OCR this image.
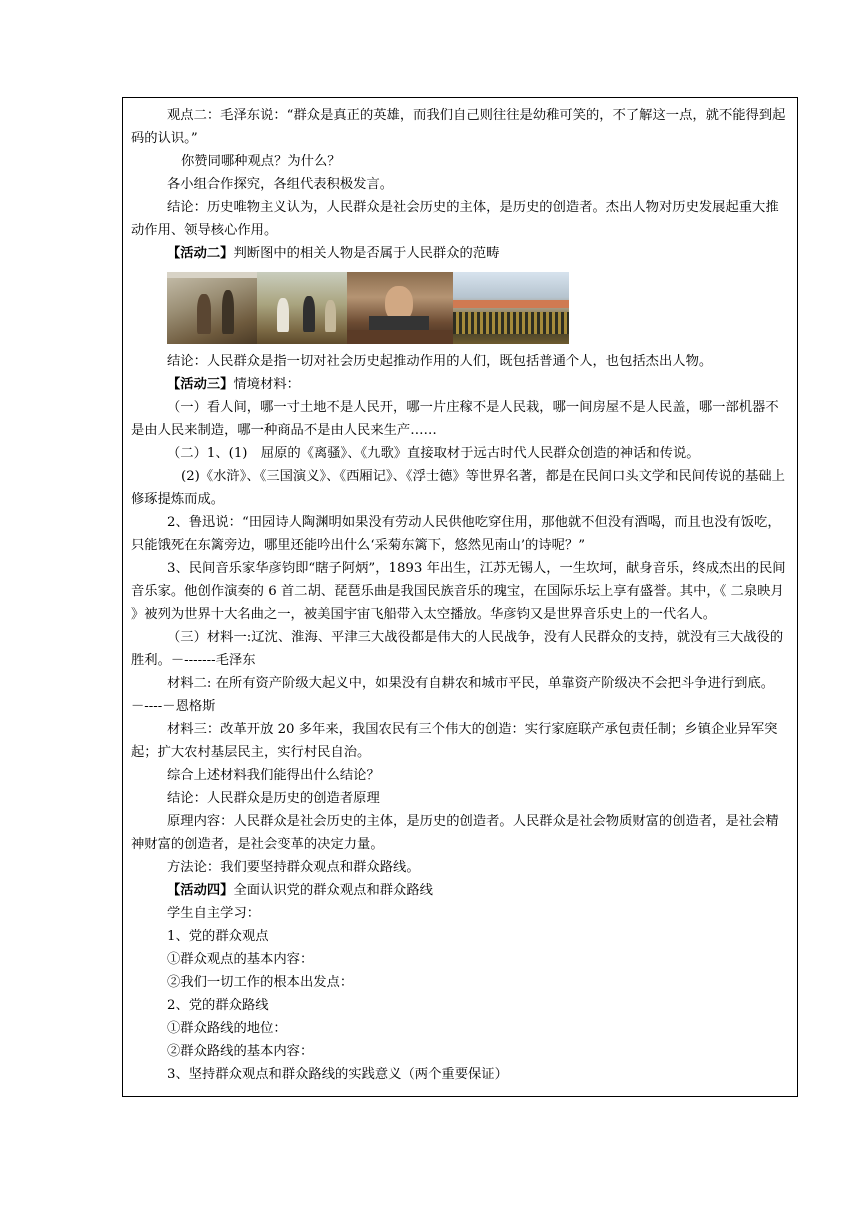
观点二：毛泽东说：“群众是真正的英雄，而我们自己则往往是幼稚可笑的，不了解这一点，就不能得到起码的认识。”

你赞同哪种观点？为什么？

各小组合作探究，各组代表积极发言。

结论：历史唯物主义认为，人民群众是社会历史的主体，是历史的创造者。杰出人物对历史发展起重大推动作用、领导核心作用。

【活动二】判断图中的相关人物是否属于人民群众的范畴

结论：人民群众是指一切对社会历史起推动作用的人们，既包括普通个人，也包括杰出人物。

【活动三】情境材料：

（一）看人间，哪一寸土地不是人民开，哪一片庄稼不是人民栽，哪一间房屋不是人民盖，哪一部机器不是由人民来制造，哪一种商品不是由人民来生产……

（二）1、(1)　屈原的《离骚》、《九歌》直接取材于远古时代人民群众创造的神话和传说。

(2)《水浒》、《三国演义》、《西厢记》、《浮士德》等世界名著，都是在民间口头文学和民间传说的基础上修琢提炼而成。

2、鲁迅说：“田园诗人陶渊明如果没有劳动人民供他吃穿住用，那他就不但没有酒喝，而且也没有饭吃，只能饿死在东篱旁边，哪里还能吟出什么‘采菊东篱下，悠然见南山’的诗呢？”

3、民间音乐家华彦钧即“瞎子阿炳”，1893 年出生，江苏无锡人，一生坎坷，献身音乐，终成杰出的民间音乐家。他创作演奏的 6 首二胡、琵琶乐曲是我国民族音乐的瑰宝，在国际乐坛上享有盛誉。其中，《 二泉映月 》被列为世界十大名曲之一，被美国宇宙飞船带入太空播放。华彦钧又是世界音乐史上的一代名人。

（三）材料一:辽沈、淮海、平津三大战役都是伟大的人民战争，没有人民群众的支持，就没有三大战役的胜利。－-------毛泽东

材料二: 在所有资产阶级大起义中，如果没有自耕农和城市平民，单靠资产阶级决不会把斗争进行到底。－----－恩格斯

材料三：改革开放 20 多年来，我国农民有三个伟大的创造：实行家庭联产承包责任制；乡镇企业异军突起；扩大农村基层民主，实行村民自治。

综合上述材料我们能得出什么结论？

结论：人民群众是历史的创造者原理

原理内容：人民群众是社会历史的主体，是历史的创造者。人民群众是社会物质财富的创造者，是社会精神财富的创造者，是社会变革的决定力量。

方法论：我们要坚持群众观点和群众路线。

【活动四】全面认识党的群众观点和群众路线

学生自主学习：

1、党的群众观点

①群众观点的基本内容：

②我们一切工作的根本出发点：

2、党的群众路线

①群众路线的地位：

②群众路线的基本内容：

3、坚持群众观点和群众路线的实践意义（两个重要保证）
